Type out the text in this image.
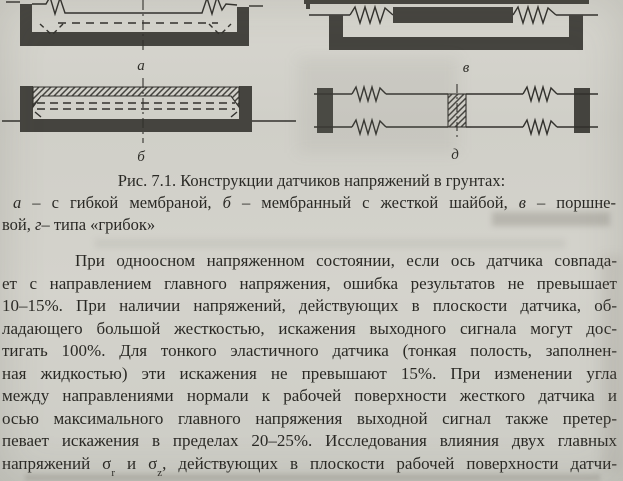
а
б
в
д
Рис. 7.1. Конструкции датчиков напряжений в грунтах:
а – с гибкой мембраной, б – мембранный с жесткой шайбой, в – поршне-
вой, г– типа «грибок»
При одноосном напряженном состоянии, если ось датчика совпада-
ет с направлением главного напряжения, ошибка результатов не превышает
10–15%. При наличии напряжений, действующих в плоскости датчика, об-
ладающего большой жесткостью, искажения выходного сигнала могут дос-
тигать 100%. Для тонкого эластичного датчика (тонкая полость, заполнен-
ная жидкостью) эти искажения не превышают 15%. При изменении угла
между направлениями нормали к рабочей поверхности жесткого датчика и
осью максимального главного напряжения выходной сигнал также претер-
певает искажения в пределах 20–25%. Исследования влияния двух главных
напряжений $\sigma_r$ и $\sigma_z$, действующих в плоскости рабочей поверхности датчи-
